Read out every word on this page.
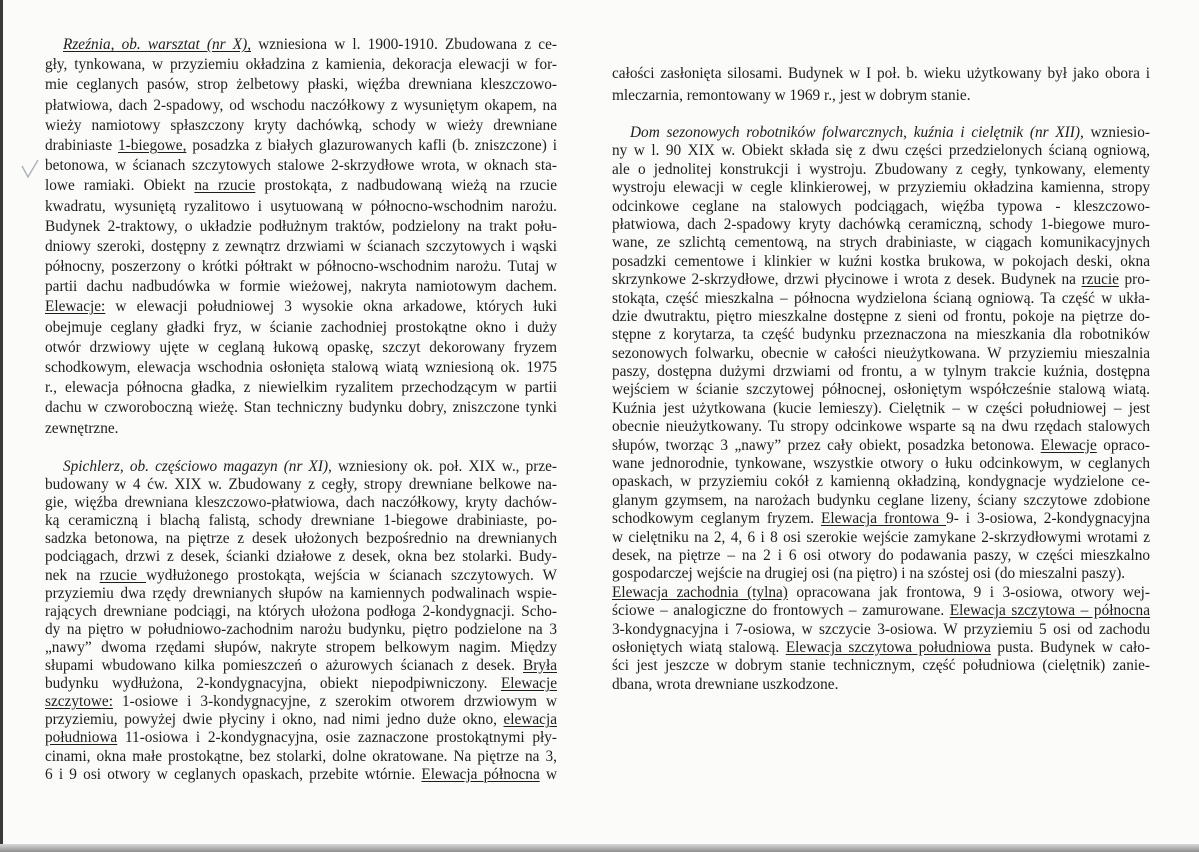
Rzeźnia, ob. warsztat (nr X), wzniesiona w l. 1900-1910. Zbudowana z ce-
gły, tynkowana, w przyziemiu okładzina z kamienia, dekoracja elewacji w for-
mie ceglanych pasów, strop żelbetowy płaski, więźba drewniana kleszczowo-
płatwiowa, dach 2-spadowy, od wschodu naczółkowy z wysuniętym okapem, na
wieży namiotowy spłaszczony kryty dachówką, schody w wieży drewniane
drabiniaste 1-biegowe, posadzka z białych glazurowanych kafli (b. zniszczone) i
betonowa, w ścianach szczytowych stalowe 2-skrzydłowe wrota, w oknach sta-
lowe ramiaki. Obiekt na rzucie prostokąta, z nadbudowaną wieżą na rzucie
kwadratu, wysuniętą ryzalitowo i usytuowaną w północno-wschodnim narożu.
Budynek 2-traktowy, o układzie podłużnym traktów, podzielony na trakt połu-
dniowy szeroki, dostępny z zewnątrz drzwiami w ścianach szczytowych i wąski
północny, poszerzony o krótki półtrakt w północno-wschodnim narożu. Tutaj w
partii dachu nadbudówka w formie wieżowej, nakryta namiotowym dachem.
Elewacje: w elewacji południowej 3 wysokie okna arkadowe, których łuki
obejmuje ceglany gładki fryz, w ścianie zachodniej prostokątne okno i duży
otwór drzwiowy ujęte w ceglaną łukową opaskę, szczyt dekorowany fryzem
schodkowym, elewacja wschodnia osłonięta stalową wiatą wzniesioną ok. 1975
r., elewacja północna gładka, z niewielkim ryzalitem przechodzącym w partii
dachu w czworoboczną wieżę. Stan techniczny budynku dobry, zniszczone tynki
zewnętrzne.
Spichlerz, ob. częściowo magazyn (nr XI), wzniesiony ok. poł. XIX w., prze-
budowany w 4 ćw. XIX w. Zbudowany z cegły, stropy drewniane belkowe na-
gie, więźba drewniana kleszczowo-płatwiowa, dach naczółkowy, kryty dachów-
ką ceramiczną i blachą falistą, schody drewniane 1-biegowe drabiniaste, po-
sadzka betonowa, na piętrze z desek ułożonych bezpośrednio na drewnianych
podciągach, drzwi z desek, ścianki działowe z desek, okna bez stolarki. Budy-
nek na rzucie wydłużonego prostokąta, wejścia w ścianach szczytowych. W
przyziemiu dwa rzędy drewnianych słupów na kamiennych podwalinach wspie-
rających drewniane podciągi, na których ułożona podłoga 2-kondygnacji. Scho-
dy na piętro w południowo-zachodnim narożu budynku, piętro podzielone na 3
„nawy” dwoma rzędami słupów, nakryte stropem belkowym nagim. Między
słupami wbudowano kilka pomieszczeń o ażurowych ścianach z desek. Bryła
budynku wydłużona, 2-kondygnacyjna, obiekt niepodpiwniczony. Elewacje
szczytowe: 1-osiowe i 3-kondygnacyjne, z szerokim otworem drzwiowym w
przyziemiu, powyżej dwie płyciny i okno, nad nimi jedno duże okno, elewacja
południowa 11-osiowa i 2-kondygnacyjna, osie zaznaczone prostokątnymi pły-
cinami, okna małe prostokątne, bez stolarki, dolne okratowane. Na piętrze na 3,
6 i 9 osi otwory w ceglanych opaskach, przebite wtórnie. Elewacja północna w
całości zasłonięta silosami. Budynek w I poł. b. wieku użytkowany był jako obora i
mleczarnia, remontowany w 1969 r., jest w dobrym stanie.
Dom sezonowych robotników folwarcznych, kuźnia i cielętnik (nr XII), wzniesio-
ny w l. 90 XIX w. Obiekt składa się z dwu części przedzielonych ścianą ogniową,
ale o jednolitej konstrukcji i wystroju. Zbudowany z cegły, tynkowany, elementy
wystroju elewacji w cegle klinkierowej, w przyziemiu okładzina kamienna, stropy
odcinkowe ceglane na stalowych podciągach, więźba typowa - kleszczowo-
płatwiowa, dach 2-spadowy kryty dachówką ceramiczną, schody 1-biegowe muro-
wane, ze szlichtą cementową, na strych drabiniaste, w ciągach komunikacyjnych
posadzki cementowe i klinkier w kuźni kostka brukowa, w pokojach deski, okna
skrzynkowe 2-skrzydłowe, drzwi płycinowe i wrota z desek. Budynek na rzucie pro-
stokąta, część mieszkalna – północna wydzielona ścianą ogniową. Ta część w ukła-
dzie dwutraktu, piętro mieszkalne dostępne z sieni od frontu, pokoje na piętrze do-
stępne z korytarza, ta część budynku przeznaczona na mieszkania dla robotników
sezonowych folwarku, obecnie w całości nieużytkowana. W przyziemiu mieszalnia
paszy, dostępna dużymi drzwiami od frontu, a w tylnym trakcie kuźnia, dostępna
wejściem w ścianie szczytowej północnej, osłoniętym współcześnie stalową wiatą.
Kuźnia jest użytkowana (kucie lemieszy). Cielętnik – w części południowej – jest
obecnie nieużytkowany. Tu stropy odcinkowe wsparte są na dwu rzędach stalowych
słupów, tworząc 3 „nawy” przez cały obiekt, posadzka betonowa. Elewacje opraco-
wane jednorodnie, tynkowane, wszystkie otwory o łuku odcinkowym, w ceglanych
opaskach, w przyziemiu cokół z kamienną okładziną, kondygnacje wydzielone ce-
glanym gzymsem, na narożach budynku ceglane lizeny, ściany szczytowe zdobione
schodkowym ceglanym fryzem. Elewacja frontowa 9- i 3-osiowa, 2-kondygnacyjna
w cielętniku na 2, 4, 6 i 8 osi szerokie wejście zamykane 2-skrzydłowymi wrotami z
desek, na piętrze – na 2 i 6 osi otwory do podawania paszy, w części mieszkalno
gospodarczej wejście na drugiej osi (na piętro) i na szóstej osi (do mieszalni paszy).
Elewacja zachodnia (tylna) opracowana jak frontowa, 9 i 3-osiowa, otwory wej-
ściowe – analogiczne do frontowych – zamurowane. Elewacja szczytowa – północna
3-kondygnacyjna i 7-osiowa, w szczycie 3-osiowa. W przyziemiu 5 osi od zachodu
osłoniętych wiatą stalową. Elewacja szczytowa południowa pusta. Budynek w cało-
ści jest jeszcze w dobrym stanie technicznym, część południowa (cielętnik) zanie-
dbana, wrota drewniane uszkodzone.
